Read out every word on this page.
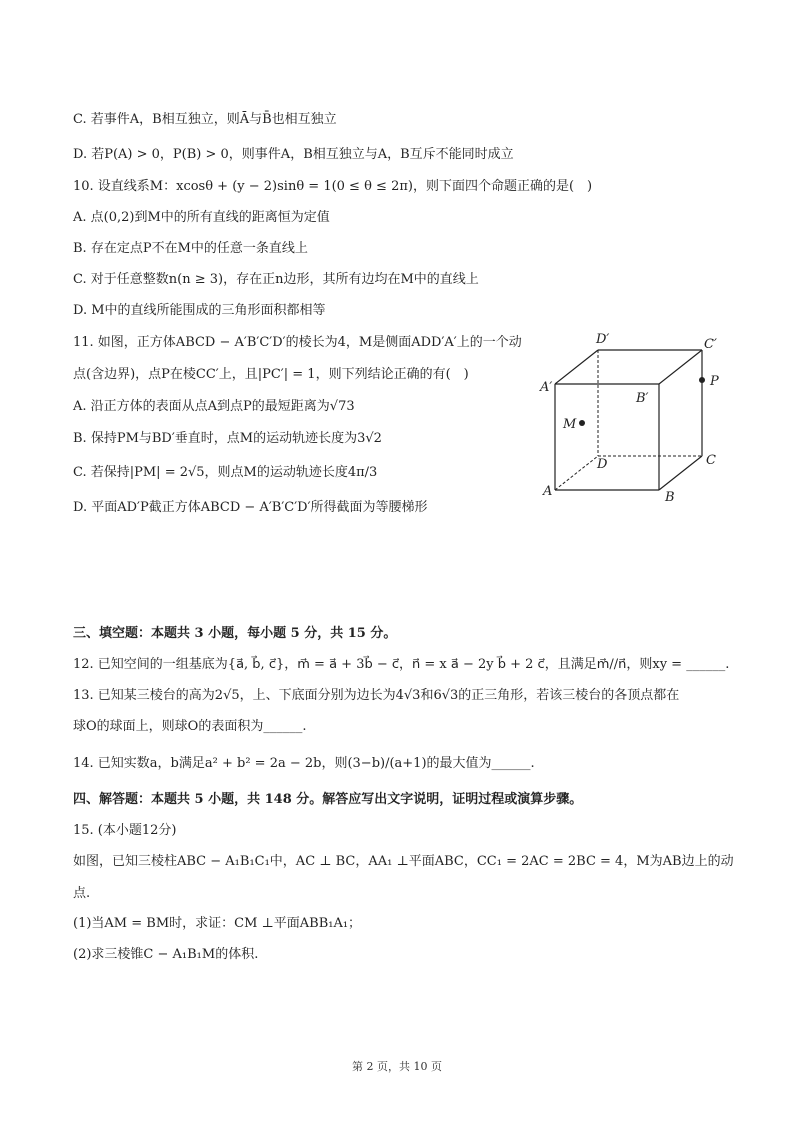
C. 若事件A，B相互独立，则Ā与B̄也相互独立
D. 若P(A) > 0，P(B) > 0，则事件A，B相互独立与A，B互斥不能同时成立
10. 设直线系M：xcosθ + (y − 2)sinθ = 1(0 ≤ θ ≤ 2π)，则下面四个命题正确的是(　)
A. 点(0,2)到M中的所有直线的距离恒为定值
B. 存在定点P不在M中的任意一条直线上
C. 对于任意整数n(n ≥ 3)，存在正n边形，其所有边均在M中的直线上
D. M中的直线所能围成的三角形面积都相等
11. 如图，正方体ABCD − A′B′C′D′的棱长为4，M是侧面ADD′A′上的一个动
点(含边界)，点P在棱CC′上，且|PC′| = 1，则下列结论正确的有(　)
A. 沿正方体的表面从点A到点P的最短距离为√73
B. 保持PM与BD′垂直时，点M的运动轨迹长度为3√2
C. 若保持|PM| = 2√5，则点M的运动轨迹长度4π/3
D. 平面AD′P截正方体ABCD − A′B′C′D′所得截面为等腰梯形
三、填空题：本题共 3 小题，每小题 5 分，共 15 分。
12. 已知空间的一组基底为{a⃗, b⃗, c⃗}，m⃗ = a⃗ + 3b⃗ − c⃗，n⃗ = x a⃗ − 2y b⃗ + 2 c⃗，且满足m⃗//n⃗，则xy = ______.
13. 已知某三棱台的高为2√5，上、下底面分别为边长为4√3和6√3的正三角形，若该三棱台的各顶点都在
球O的球面上，则球O的表面积为______.
14. 已知实数a，b满足a² + b² = 2a − 2b，则(3−b)/(a+1)的最大值为______.
四、解答题：本题共 5 小题，共 148 分。解答应写出文字说明，证明过程或演算步骤。
15. (本小题12分)
如图，已知三棱柱ABC − A₁B₁C₁中，AC ⊥ BC，AA₁ ⊥平面ABC，CC₁ = 2AC = 2BC = 4，M为AB边上的动
点.
(1)当AM = BM时，求证：CM ⊥平面ABB₁A₁；
(2)求三棱锥C − A₁B₁M的体积.
D′	C′
A′
B′
P
M
D	C
A	B
第 2 页，共 10 页
